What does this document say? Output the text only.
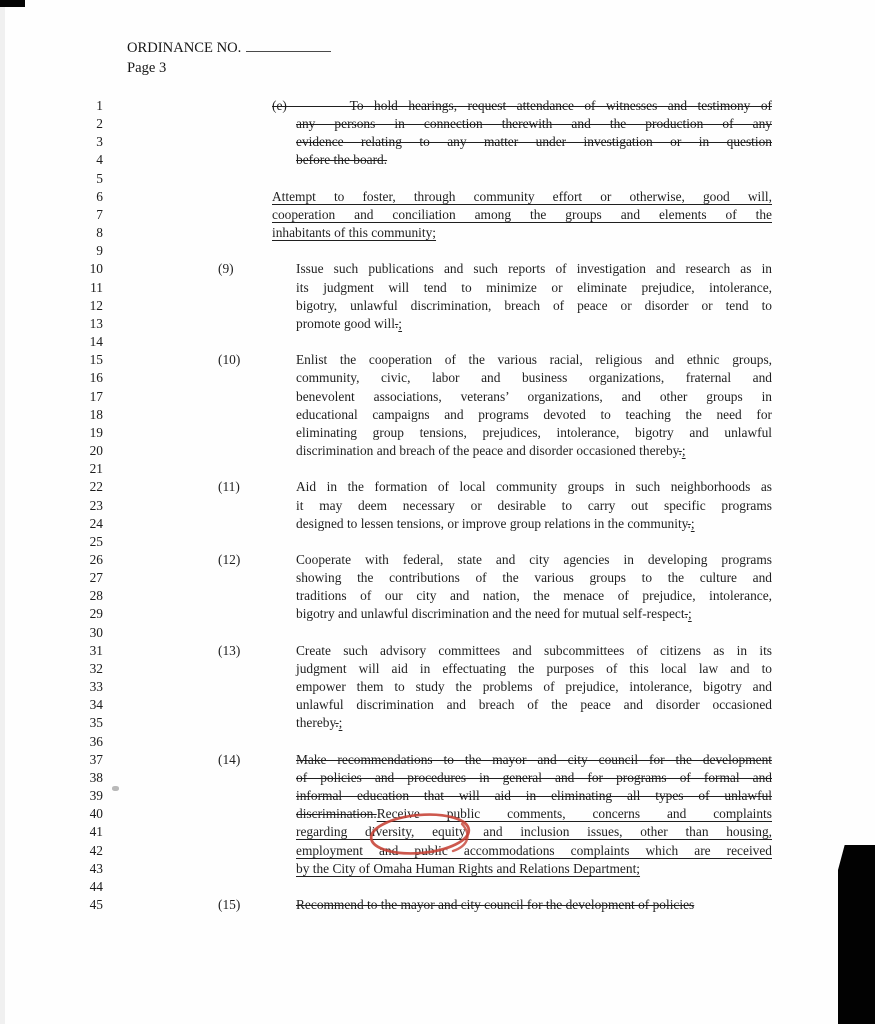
ORDINANCE NO.
Page 3
1
2
3
4
5
6
7
8
9
10
11
12
13
14
15
16
17
18
19
20
21
22
23
24
25
26
27
28
29
30
31
32
33
34
35
36
37
38
39
40
41
42
43
44
45
(e)      To hold hearings, request attendance of witnesses and testimony of
any persons in connection therewith and the production of any
evidence relating to any matter under investigation or in question
before the board.
Attempt to foster, through community effort or otherwise, good will,
cooperation and conciliation among the groups and elements of the
inhabitants of this community;
(9)	Issue such publications and such reports of investigation and research as in
its judgment will tend to minimize or eliminate prejudice, intolerance,
bigotry, unlawful discrimination, breach of peace or disorder or tend to
promote good will.;
(10)	Enlist the cooperation of the various racial, religious and ethnic groups,
community, civic, labor and business organizations, fraternal and
benevolent associations, veterans’ organizations, and other groups in
educational campaigns and programs devoted to teaching the need for
eliminating group tensions, prejudices, intolerance, bigotry and unlawful
discrimination and breach of the peace and disorder occasioned thereby.;
(11)	Aid in the formation of local community groups in such neighborhoods as
it may deem necessary or desirable to carry out specific programs
designed to lessen tensions, or improve group relations in the community.;
(12)	Cooperate with federal, state and city agencies in developing programs
showing the contributions of the various groups to the culture and
traditions of our city and nation, the menace of prejudice, intolerance,
bigotry and unlawful discrimination and the need for mutual self-respect.;
(13)	Create such advisory committees and subcommittees of citizens as in its
judgment will aid in effectuating the purposes of this local law and to
empower them to study the problems of prejudice, intolerance, bigotry and
unlawful discrimination and breach of the peace and disorder occasioned
thereby.;
(14)	Make recommendations to the mayor and city council for the development
of policies and procedures in general and for programs of formal and
informal education that will aid in eliminating all types of unlawful
discrimination.Receive public comments, concerns and complaints
regarding diversity, equity and inclusion issues, other than housing,
employment and public accommodations complaints which are received
by the City of Omaha Human Rights and Relations Department;
(15)	Recommend to the mayor and city council for the development of policies
